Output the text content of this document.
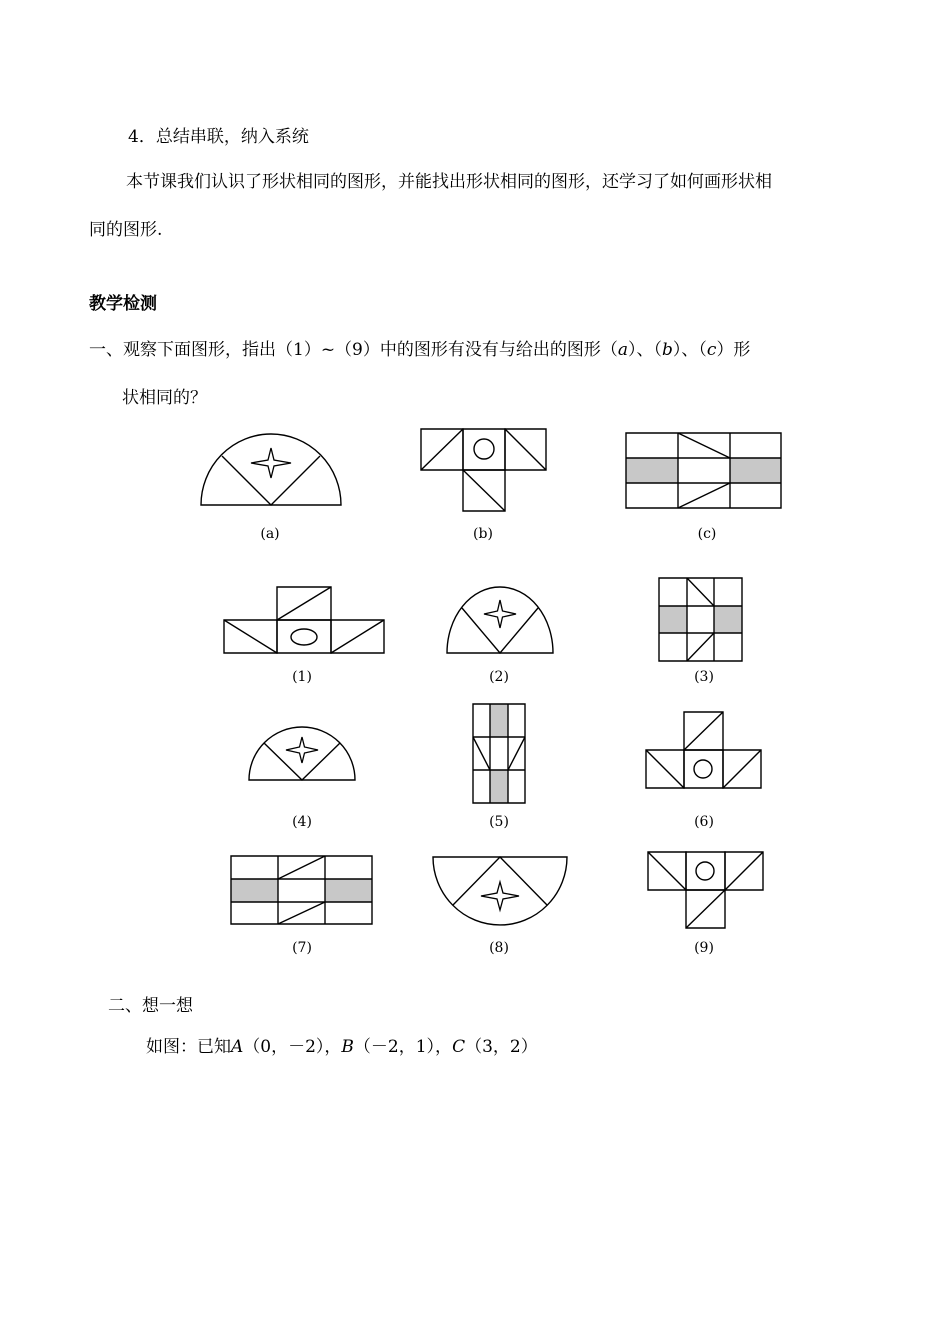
4．总结串联，纳入系统
本节课我们认识了形状相同的图形，并能找出形状相同的图形，还学习了如何画形状相
同的图形.
教学检测
一、观察下面图形，指出（1）~（9）中的图形有没有与给出的图形（a）、（b）、（c）形
状相同的？
(a)	(b)	(c)
(1)	(2)	(3)
(4)	(5)	(6)
(7)	(8)	(9)
二、想一想
如图：已知A（0，－2），B（－2，1），C（3，2）
